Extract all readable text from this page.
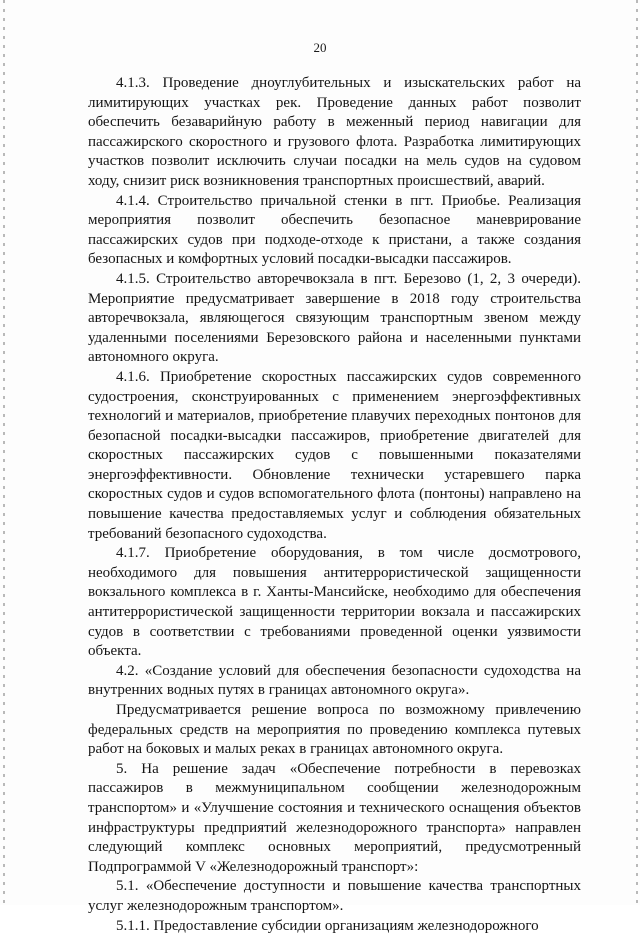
20

4.1.3. Проведение дноуглубительных и изыскательских работ на лимитирующих участках рек. Проведение данных работ позволит обеспечить безаварийную работу в меженный период навигации для пассажирского скоростного и грузового флота. Разработка лимитирующих участков позволит исключить случаи посадки на мель судов на судовом ходу, снизит риск возникновения транспортных происшествий, аварий.

4.1.4. Строительство причальной стенки в пгт. Приобье. Реализация мероприятия позволит обеспечить безопасное маневрирование пассажирских судов при подходе-отходе к пристани, а также создания безопасных и комфортных условий посадки-высадки пассажиров.

4.1.5. Строительство авторечвокзала в пгт. Березово (1, 2, 3 очереди). Мероприятие предусматривает завершение в 2018 году строительства авторечвокзала, являющегося связующим транспортным звеном между удаленными поселениями Березовского района и населенными пунктами автономного округа.

4.1.6. Приобретение скоростных пассажирских судов современного судостроения, сконструированных с применением энергоэффективных технологий и материалов, приобретение плавучих переходных понтонов для безопасной посадки-высадки пассажиров, приобретение двигателей для скоростных пассажирских судов с повышенными показателями энергоэффективности. Обновление технически устаревшего парка скоростных судов и судов вспомогательного флота (понтоны) направлено на повышение качества предоставляемых услуг и соблюдения обязательных требований безопасного судоходства.

4.1.7. Приобретение оборудования, в том числе досмотрового, необходимого для повышения антитеррористической защищенности вокзального комплекса в г. Ханты-Мансийске, необходимо для обеспечения антитеррористической защищенности территории вокзала и пассажирских судов в соответствии с требованиями проведенной оценки уязвимости объекта.

4.2. «Создание условий для обеспечения безопасности судоходства на внутренних водных путях в границах автономного округа».

Предусматривается решение вопроса по возможному привлечению федеральных средств на мероприятия по проведению комплекса путевых работ на боковых и малых реках в границах автономного округа.

5. На решение задач «Обеспечение потребности в перевозках пассажиров в межмуниципальном сообщении железнодорожным транспортом» и «Улучшение состояния и технического оснащения объектов инфраструктуры предприятий железнодорожного транспорта» направлен следующий комплекс основных мероприятий, предусмотренный Подпрограммой V «Железнодорожный транспорт»:

5.1. «Обеспечение доступности и повышение качества транспортных услуг железнодорожным транспортом».

5.1.1. Предоставление субсидии организациям железнодорожного
